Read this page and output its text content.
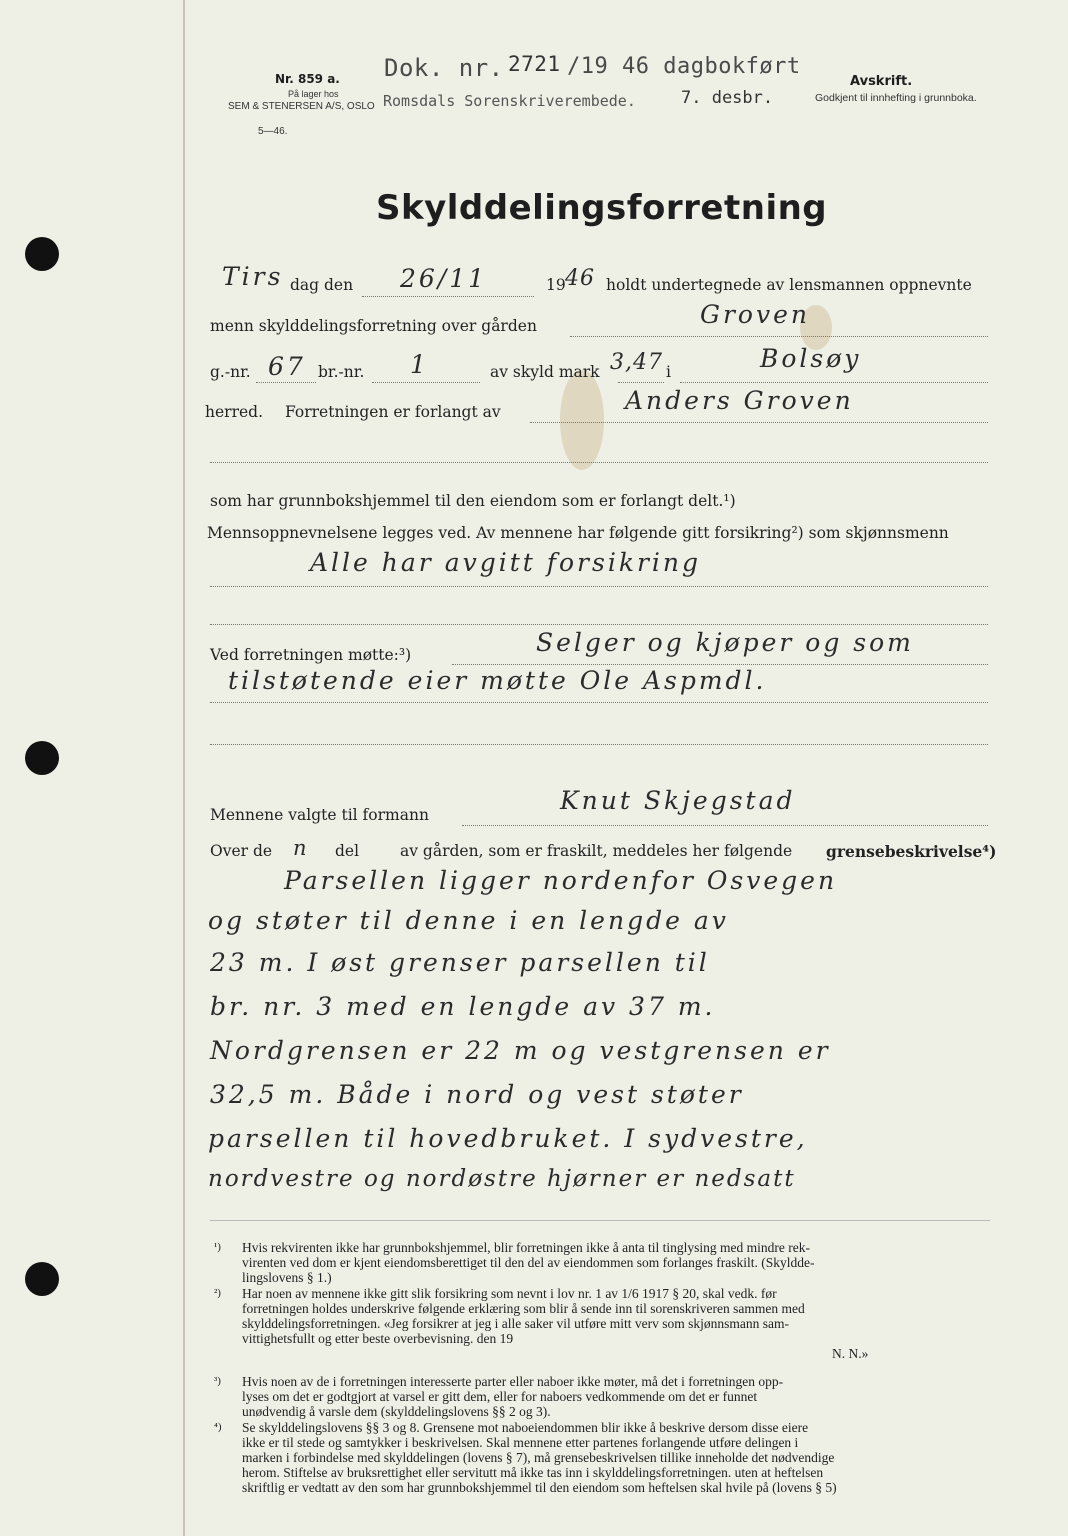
Nr. 859 a.
På lager hos
SEM & STENERSEN A/S, OSLO
5—46.
Dok. nr. 2721 /19 46 dagbokført
Romsdals Sorenskriverembede.	7. desbr.
Avskrift.
Godkjent til innhefting i grunnboka.
Skylddelingsforretning
Tirs dag den 26/11	19 46 holdt undertegnede av lensmannen oppnevnte
menn skylddelingsforretning over gården	Groven
g.-nr. 67 br.-nr. 1	av skyld mark 3,47 i	Bolsøy
herred. Forretningen er forlangt av	Anders Groven
som har grunnbokshjemmel til den eiendom som er forlangt delt.¹)
Mennsoppnevnelsene legges ved. Av mennene har følgende gitt forsikring²) som skjønnsmenn
Alle har avgitt forsikring
Ved forretningen møtte:³)	Selger og kjøper og som
tilstøtende eier møtte Ole Aspmdl.
Mennene valgte til formann	Knut Skjegstad
Over de n del	av gården, som er fraskilt, meddeles her følgende grensebeskrivelse⁴)
Parsellen ligger nordenfor Osvegen
og støter til denne i en lengde av
23 m. I øst grenser parsellen til
br. nr. 3 med en lengde av 37 m.
Nordgrensen er 22 m og vestgrensen er
32,5 m. Både i nord og vest støter
parsellen til hovedbruket. I sydvestre,
nordvestre og nordøstre hjørner er nedsatt
¹) Hvis rekvirenten ikke har grunnbokshjemmel, blir forretningen ikke å anta til tinglysing med mindre rek-
virenten ved dom er kjent eiendomsberettiget til den del av eiendommen som forlanges fraskilt. (Skylddе-
lingslovens § 1.)
²) Har noen av mennene ikke gitt slik forsikring som nevnt i lov nr. 1 av 1/6 1917 § 20, skal vedk. før
forretningen holdes underskrive følgende erklæring som blir å sende inn til sorenskriveren sammen med
skylddelingsforretningen. «Jeg forsikrer at jeg i alle saker vil utføre mitt verv som skjønnsmann sam-
vittighetsfullt og etter beste overbevisning. den 19
N. N.»
³) Hvis noen av de i forretningen interesserte parter eller naboer ikke møter, må det i forretningen opp-
lyses om det er godtgjort at varsel er gitt dem, eller for naboers vedkommende om det er funnet
unødvendig å varsle dem (skylddelingslovens §§ 2 og 3).
⁴) Se skylddelingslovens §§ 3 og 8. Grensene mot naboeiendommen blir ikke å beskrive dersom disse eiere
ikke er til stede og samtykker i beskrivelsen. Skal mennene etter partenes forlangende utføre delingen i
marken i forbindelse med skylddelingen (lovens § 7), må grensebeskrivelsen tillike inneholde det nødvendige
herom. Stiftelse av bruksrettighet eller servitutt må ikke tas inn i skylddelingsforretningen. uten at heftelsen
skriftlig er vedtatt av den som har grunnbokshjemmel til den eiendom som heftelsen skal hvile på (lovens § 5)
